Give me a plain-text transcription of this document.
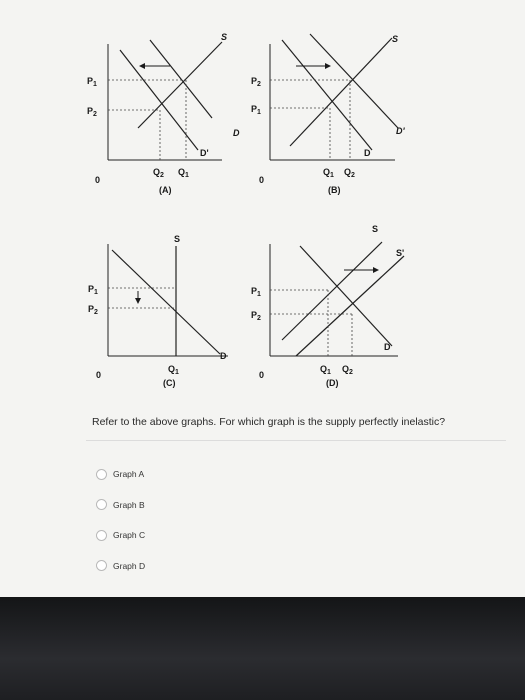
S
D
D'
$P_1$
$P_2$
0
$Q_2$ $Q_1$
(A)
S
D
D'
$P_2$
$P_1$
0
$Q_1$ $Q_2$
(B)
S
D
$P_1$
$P_2$
0
$Q_1$
(C)
S
S'
D
$P_1$
$P_2$
0
$Q_1$ $Q_2$
(D)

Refer to the above graphs. For which graph is the supply perfectly inelastic?

Graph A
Graph B
Graph C
Graph D
